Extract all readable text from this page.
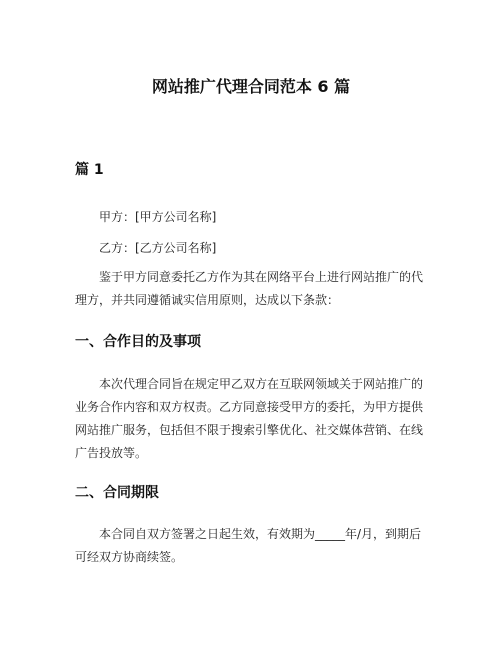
网站推广代理合同范本 6 篇
篇 1
甲方：[甲方公司名称]
乙方：[乙方公司名称]
鉴于甲方同意委托乙方作为其在网络平台上进行网站推广的代理方，并共同遵循诚实信用原则，达成以下条款：
一、合作目的及事项
本次代理合同旨在规定甲乙双方在互联网领域关于网站推广的业务合作内容和双方权责。乙方同意接受甲方的委托，为甲方提供网站推广服务，包括但不限于搜索引擎优化、社交媒体营销、在线广告投放等。
二、合同期限
本合同自双方签署之日起生效，有效期为_____年/月，到期后可经双方协商续签。
